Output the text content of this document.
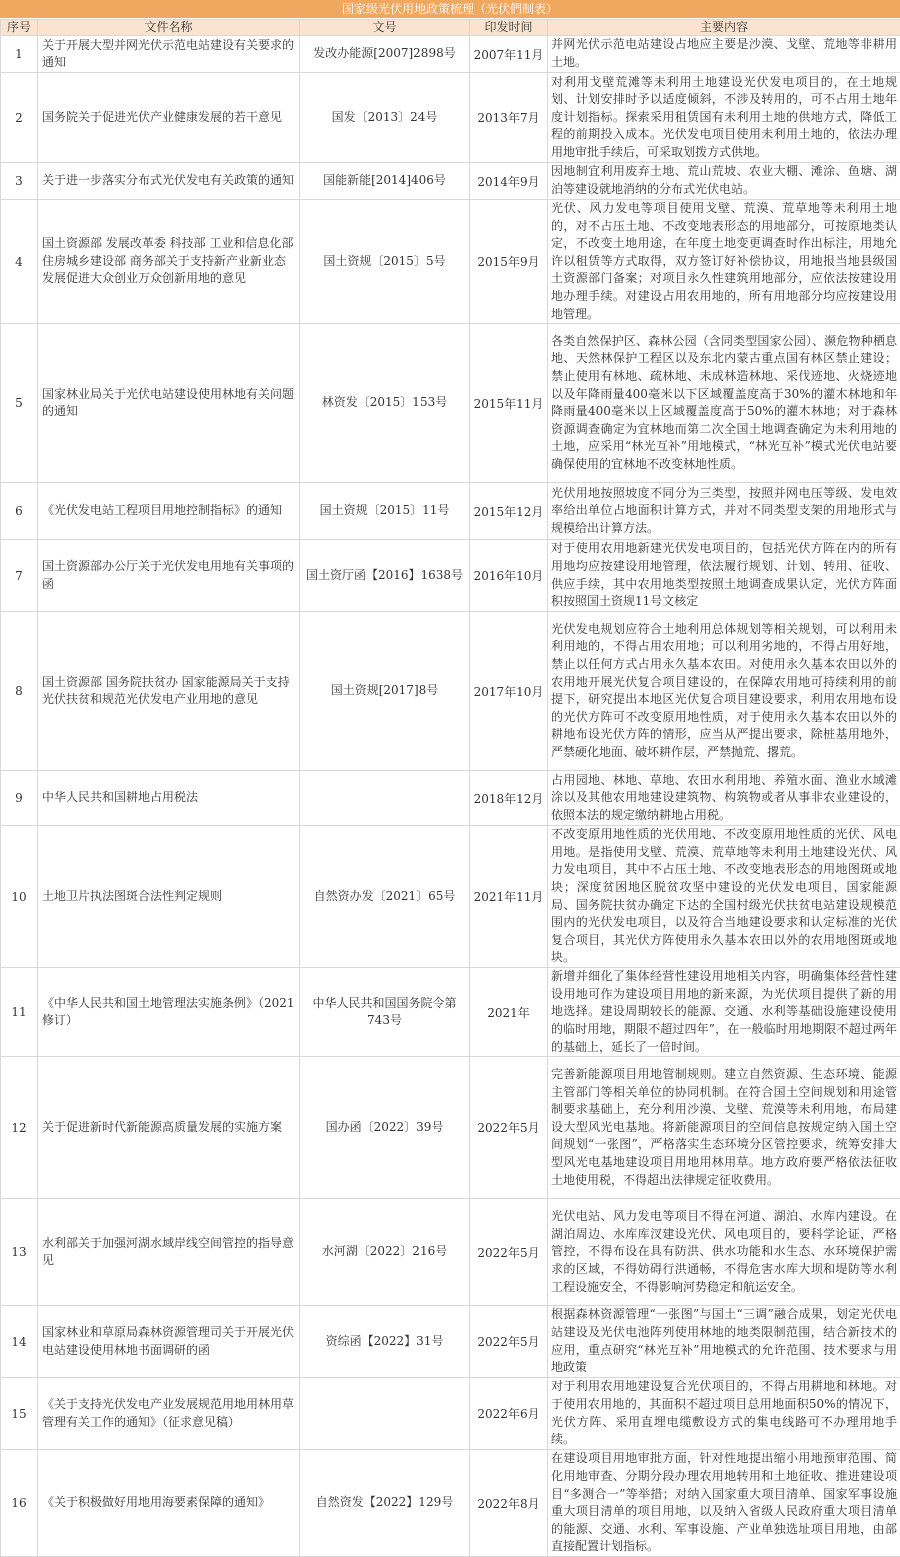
国家级光伏用地政策梳理（光伏們制表）
序号	文件名称	文号	印发时间	主要内容
1	关于开展大型并网光伏示范电站建设有关要求的通知	发改办能源[2007]2898号	2007年11月	并网光伏示范电站建设占地应主要是沙漠、戈壁、荒地等非耕用土地。
2	国务院关于促进光伏产业健康发展的若干意见	国发〔2013〕24号	2013年7月	对利用戈壁荒滩等未利用土地建设光伏发电项目的，在土地规划、计划安排时予以适度倾斜，不涉及转用的，可不占用土地年度计划指标。探索采用租赁国有未利用土地的供地方式，降低工程的前期投入成本。光伏发电项目使用未利用土地的，依法办理用地审批手续后，可采取划拨方式供地。
3	关于进一步落实分布式光伏发电有关政策的通知	国能新能[2014]406号	2014年9月	因地制宜利用废弃土地、荒山荒坡、农业大棚、滩涂、鱼塘、湖泊等建设就地消纳的分布式光伏电站。
4	国土资源部 发展改革委 科技部 工业和信息化部 住房城乡建设部 商务部关于支持新产业新业态发展促进大众创业万众创新用地的意见	国土资规〔2015〕5号	2015年9月	光伏、风力发电等项目使用戈壁、荒漠、荒草地等未利用土地的，对不占压土地、不改变地表形态的用地部分，可按原地类认定，不改变土地用途，在年度土地变更调查时作出标注，用地允许以租赁等方式取得，双方签订好补偿协议，用地报当地县级国土资源部门备案；对项目永久性建筑用地部分，应依法按建设用地办理手续。对建设占用农用地的，所有用地部分均应按建设用地管理。
5	国家林业局关于光伏电站建设使用林地有关问题的通知	林资发〔2015〕153号	2015年11月	各类自然保护区、森林公园（含同类型国家公园）、濒危物种栖息地、天然林保护工程区以及东北内蒙古重点国有林区禁止建设；禁止使用有林地、疏林地、未成林造林地、采伐迹地、火烧迹地以及年降雨量400毫米以下区域覆盖度高于30%的灌木林地和年降雨量400毫米以上区域覆盖度高于50%的灌木林地；对于森林资源调查确定为宜林地而第二次全国土地调查确定为未利用地的土地，应采用“林光互补”用地模式，“林光互补”模式光伏电站要确保使用的宜林地不改变林地性质。
6	《光伏发电站工程项目用地控制指标》的通知	国土资规〔2015〕11号	2015年12月	光伏用地按照坡度不同分为三类型，按照并网电压等级、发电效率给出单位占地面积计算方式，并对不同类型支架的用地形式与规模给出计算方法。
7	国土资源部办公厅关于光伏发电用地有关事项的函	国土资厅函【2016】1638号	2016年10月	对于使用农用地新建光伏发电项目的，包括光伏方阵在内的所有用地均应按建设用地管理，依法履行规划、计划、转用、征收、供应手续，其中农用地类型按照土地调查成果认定，光伏方阵面积按照国土资规11号文核定
8	国土资源部 国务院扶贫办 国家能源局关于支持光伏扶贫和规范光伏发电产业用地的意见	国土资规[2017]8号	2017年10月	光伏发电规划应符合土地利用总体规划等相关规划，可以利用未利用地的，不得占用农用地；可以利用劣地的，不得占用好地，禁止以任何方式占用永久基本农田。对使用永久基本农田以外的农用地开展光伏复合项目建设的，在保障农用地可持续利用的前提下，研究提出本地区光伏复合项目建设要求，利用农用地布设的光伏方阵可不改变原用地性质，对于使用永久基本农田以外的耕地布设光伏方阵的情形，应当从严提出要求，除桩基用地外，严禁硬化地面、破坏耕作层，严禁抛荒、撂荒。
9	中华人民共和国耕地占用税法		2018年12月	占用园地、林地、草地、农田水利用地、养殖水面、渔业水域滩涂以及其他农用地建设建筑物、构筑物或者从事非农业建设的，依照本法的规定缴纳耕地占用税。
10	土地卫片执法图斑合法性判定规则	自然资办发〔2021〕65号	2021年11月	不改变原用地性质的光伏用地、不改变原用地性质的光伏、风电用地。是指使用戈壁、荒漠、荒草地等未利用土地建设光伏、风力发电项目，其中不占压土地、不改变地表形态的用地图斑或地块；深度贫困地区脱贫攻坚中建设的光伏发电项目，国家能源局、国务院扶贫办确定下达的全国村级光伏扶贫电站建设规模范围内的光伏发电项目，以及符合当地建设要求和认定标准的光伏复合项目，其光伏方阵使用永久基本农田以外的农用地图斑或地块。
11	《中华人民共和国土地管理法实施条例》（2021修订）	中华人民共和国国务院令第743号	2021年	新增并细化了集体经营性建设用地相关内容，明确集体经营性建设用地可作为建设项目用地的新来源，为光伏项目提供了新的用地选择。建设周期较长的能源、交通、水利等基础设施建设使用的临时用地，期限不超过四年”，在一般临时用地期限不超过两年的基础上，延长了一倍时间。
12	关于促进新时代新能源高质量发展的实施方案	国办函〔2022〕39号	2022年5月	完善新能源项目用地管制规则。建立自然资源、生态环境、能源主管部门等相关单位的协同机制。在符合国土空间规划和用途管制要求基础上，充分利用沙漠、戈壁、荒漠等未利用地，布局建设大型风光电基地。将新能源项目的空间信息按规定纳入国土空间规划“一张图”，严格落实生态环境分区管控要求，统筹安排大型风光电基地建设项目用地用林用草。地方政府要严格依法征收土地使用税，不得超出法律规定征收费用。
13	水利部关于加强河湖水域岸线空间管控的指导意见	水河湖〔2022〕216号	2022年5月	光伏电站、风力发电等项目不得在河道、湖泊、水库内建设。在湖泊周边、水库库汊建设光伏、风电项目的，要科学论证，严格管控，不得布设在具有防洪、供水功能和水生态、水环境保护需求的区域，不得妨碍行洪通畅，不得危害水库大坝和堤防等水利工程设施安全，不得影响河势稳定和航运安全。
14	国家林业和草原局森林资源管理司关于开展光伏电站建设使用林地书面调研的函	资综函【2022】31号	2022年5月	根据森林资源管理“一张图”与国土“三调”融合成果，划定光伏电站建设及光伏电池阵列使用林地的地类限制范围，结合新技术的应用，重点研究“林光互补”用地模式的允许范围、技术要求与用地政策
15	《关于支持光伏发电产业发展规范用地用林用草管理有关工作的通知》（征求意见稿）		2022年6月	对于利用农用地建设复合光伏项目的，不得占用耕地和林地。对于使用农用地的，其面积不超过项目总用地面积50%的情况下，光伏方阵、采用直埋电缆敷设方式的集电线路可不办理用地手续。
16	《关于积极做好用地用海要素保障的通知》	自然资发【2022】129号	2022年8月	在建设项目用地审批方面，针对性地提出缩小用地预审范围、简化用地审查、分期分段办理农用地转用和土地征收、推进建设项目“多测合一”等举措；对纳入国家重大项目清单、国家军事设施重大项目清单的项目用地，以及纳入省级人民政府重大项目清单的能源、交通、水利、军事设施、产业单独选址项目用地，由部直接配置计划指标。
